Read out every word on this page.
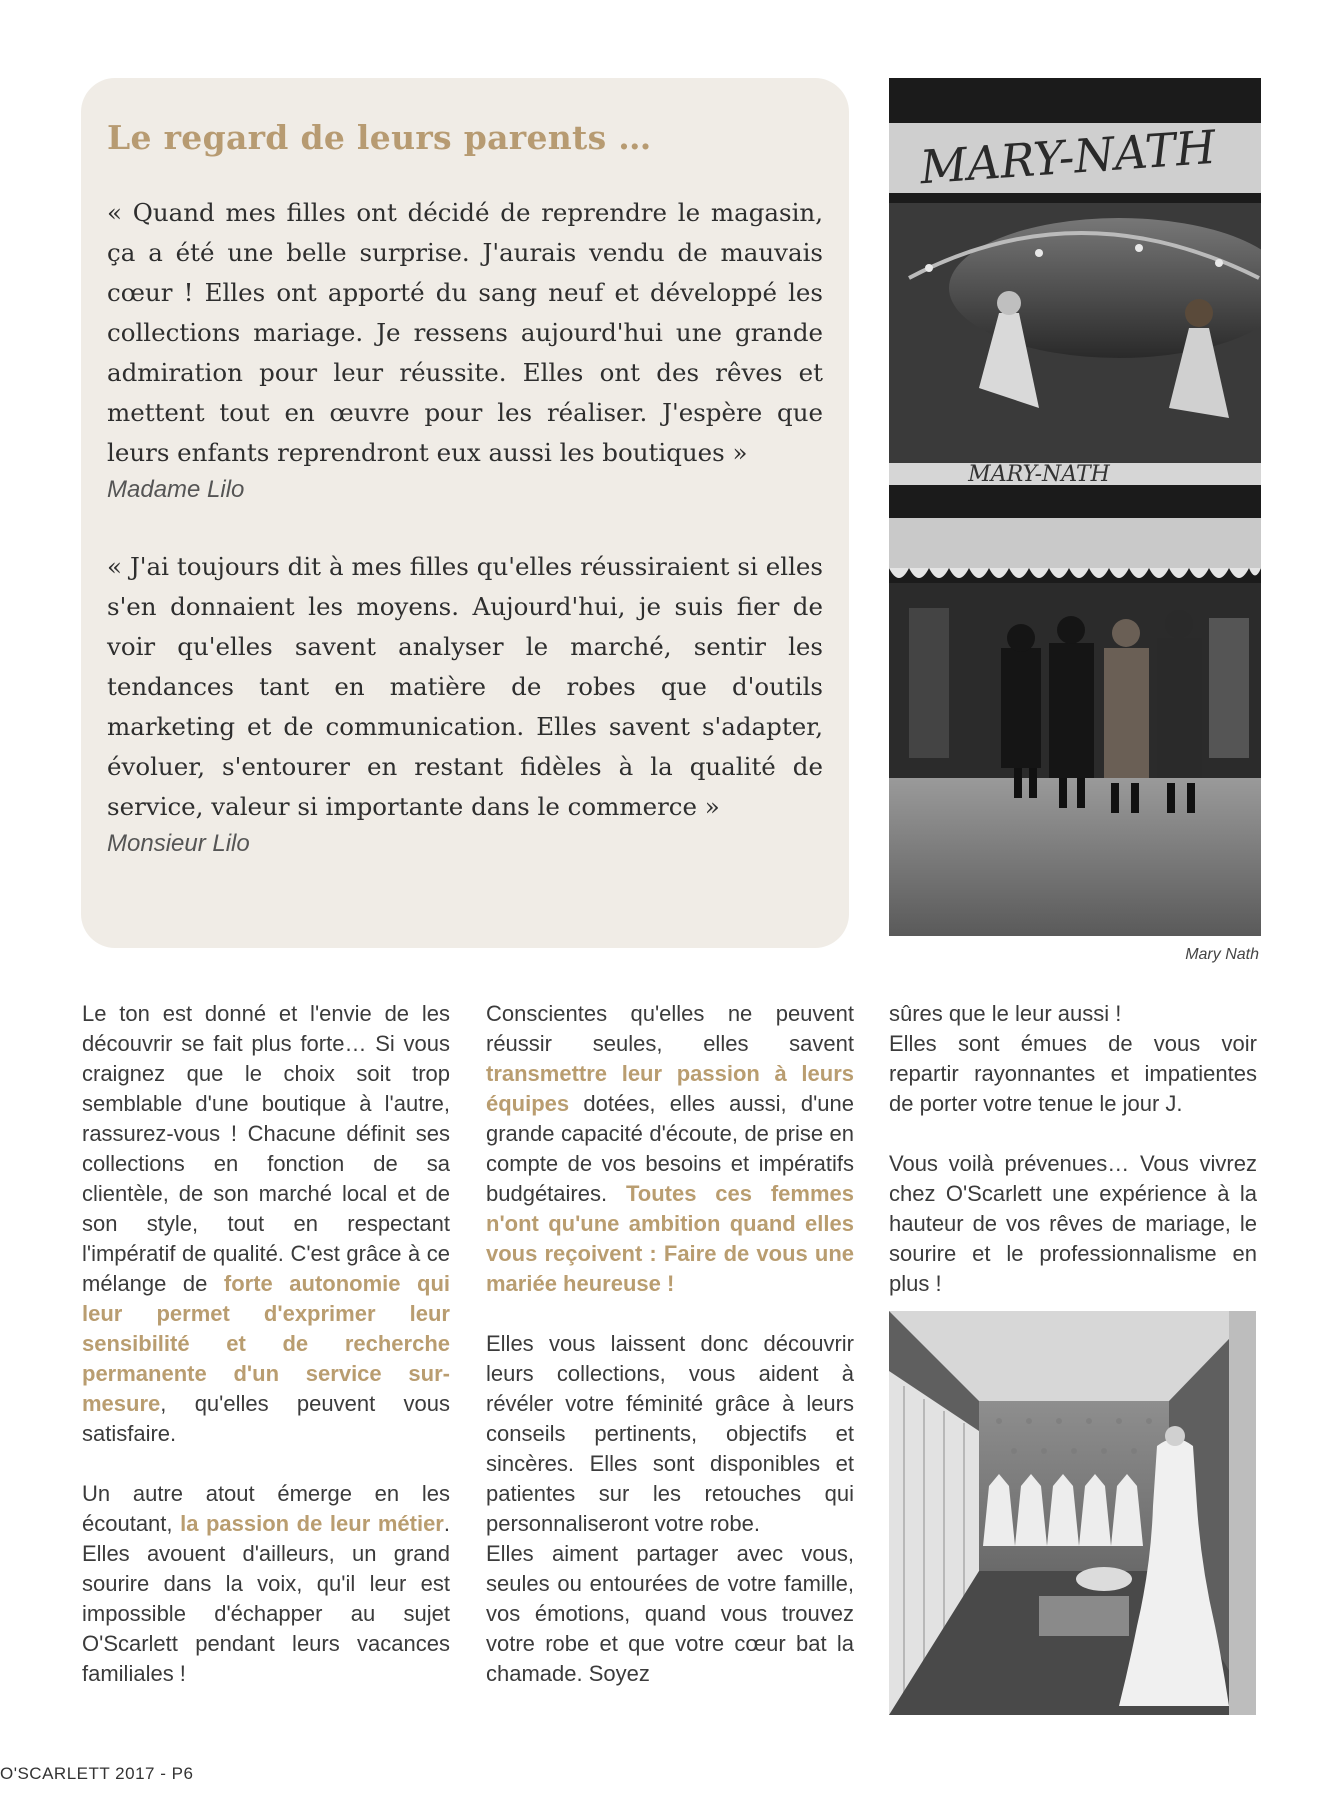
Le regard de leurs parents …

« Quand mes filles ont décidé de reprendre le magasin, ça a été une belle surprise. J'aurais vendu de mauvais cœur ! Elles ont apporté du sang neuf et développé les collections mariage. Je ressens aujourd'hui une grande admiration pour leur réussite. Elles ont des rêves et mettent tout en œuvre pour les réaliser. J'espère que leurs enfants reprendront eux aussi les boutiques »

Madame Lilo

« J'ai toujours dit à mes filles qu'elles réussiraient si elles s'en donnaient les moyens. Aujourd'hui, je suis fier de voir qu'elles savent analyser le marché, sentir les tendances tant en matière de robes que d'outils marketing et de communication. Elles savent s'adapter, évoluer, s'entourer en restant fidèles à la qualité de service, valeur si importante dans le commerce »

Monsieur Lilo

MARY-NATH
MARY-NATH
Mary Nath

Le ton est donné et l'envie de les découvrir se fait plus forte… Si vous craignez que le choix soit trop semblable d'une boutique à l'autre, rassurez-vous ! Chacune définit ses collections en fonction de sa clientèle, de son marché local et de son style, tout en respectant l'impératif de qualité. C'est grâce à ce mélange de forte autonomie qui leur permet d'exprimer leur sensibilité et de recherche permanente d'un service sur-mesure, qu'elles peuvent vous satisfaire.

Un autre atout émerge en les écoutant, la passion de leur métier. Elles avouent d'ailleurs, un grand sourire dans la voix, qu'il leur est impossible d'échapper au sujet O'Scarlett pendant leurs vacances familiales !

Conscientes qu'elles ne peuvent réussir seules, elles savent transmettre leur passion à leurs équipes dotées, elles aussi, d'une grande capacité d'écoute, de prise en compte de vos besoins et impératifs budgétaires. Toutes ces femmes n'ont qu'une ambition quand elles vous reçoivent : Faire de vous une mariée heureuse !

Elles vous laissent donc découvrir leurs collections, vous aident à révéler votre féminité grâce à leurs conseils pertinents, objectifs et sincères. Elles sont disponibles et patientes sur les retouches qui personnaliseront votre robe.

Elles aiment partager avec vous, seules ou entourées de votre famille, vos émotions, quand vous trouvez votre robe et que votre cœur bat la chamade. Soyez

sûres que le leur aussi !

Elles sont émues de vous voir repartir rayonnantes et impatientes de porter votre tenue le jour J.

Vous voilà prévenues… Vous vivrez chez O'Scarlett une expérience à la hauteur de vos rêves de mariage, le sourire et le professionnalisme en plus !

O'SCARLETT 2017 - P6
